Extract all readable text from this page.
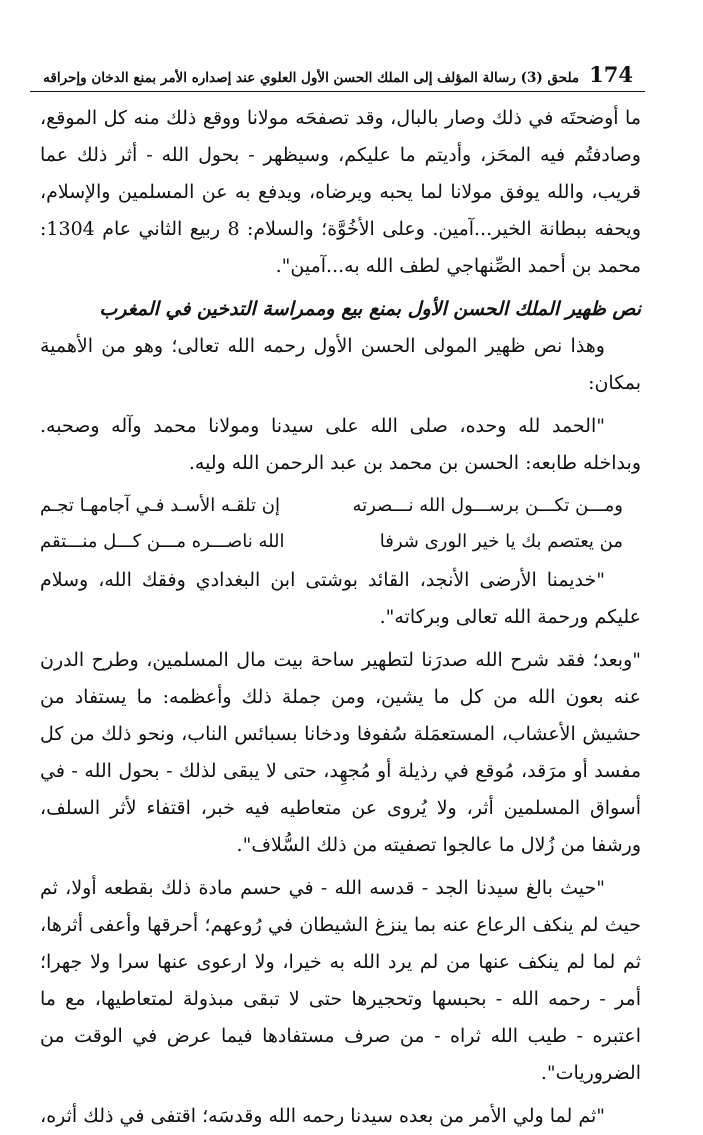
174
ملحق (3) رسالة المؤلف إلى الملك الحسن الأول العلوي عند إصداره الأمر بمنع الدخان وإحراقه

ما أوضحتَه في ذلك وصار بالبال، وقد تصفحَه مولانا ووقع ذلك منه كل الموقع، وصادفتُم فيه المحَز، وأديتم ما عليكم، وسيظهر - بحول الله - أثر ذلك عما قريب، والله يوفق مولانا لما يحبه ويرضاه، ويدفع به عن المسلمين والإسلام، ويحفه ببطانة الخير...آمين. وعلى الأخُوَّة؛ والسلام: 8 ربيع الثاني عام 1304: محمد بن أحمد الصِّنهاجي لطف الله به...آمين".

نص ظهير الملك الحسن الأول بمنع بيع وممراسة التدخين في المغرب

وهذا نص ظهير المولى الحسن الأول رحمه الله تعالى؛ وهو من الأهمية بمكان:

"الحمد لله وحده، صلى الله على سيدنا ومولانا محمد وآله وصحبه. وبداخله طابعه: الحسن بن محمد بن عبد الرحمن الله وليه.

ومـــن تكـــن برســـول الله نـــصرته
إن تلقـه الأسـد فـي آجامهـا تجـم
من يعتصم بك يا خير الورى شرفا
الله ناصـــره مـــن كـــل منـــتقم

"خديمنا الأرضى الأنجد، القائد بوشتى ابن البغدادي وفقك الله، وسلام عليكم ورحمة الله تعالى وبركاته".

"وبعد؛ فقد شرح الله صدرَنا لتطهير ساحة بيت مال المسلمين، وطرح الدرن عنه بعون الله من كل ما يشين، ومن جملة ذلك وأعظمه: ما يستفاد من حشيش الأعشاب، المستعمَلة سُفوفا ودخانا بسبائس الناب، ونحو ذلك من كل مفسد أو مرَقد، مُوقع في رذيلة أو مُجهِد، حتى لا يبقى لذلك - بحول الله - في أسواق المسلمين أثر، ولا يُروى عن متعاطيه فيه خبر، اقتفاء لأثر السلف، ورشفا من زُلال ما عالجوا تصفيته من ذلك السُّلاف".

"حيث بالغ سيدنا الجد - قدسه الله - في حسم مادة ذلك بقطعه أولا، ثم حيث لم ينكف الرعاع عنه بما ينزغ الشيطان في رُوعهم؛ أحرقها وأعفى أثرها، ثم لما لم ينكف عنها من لم يرد الله به خيرا، ولا ارعوى عنها سرا ولا جهرا؛ أمر - رحمه الله - بحبسها وتحجيرها حتى لا تبقى مبذولة لمتعاطيها، مع ما اعتبره - طيب الله ثراه - من صرف مستفادها فيما عرض في الوقت من الضروريات".

"ثم لما ولي الأمر من بعده سيدنا رحمه الله وقدسَه؛ اقتفى في ذلك أثره،
